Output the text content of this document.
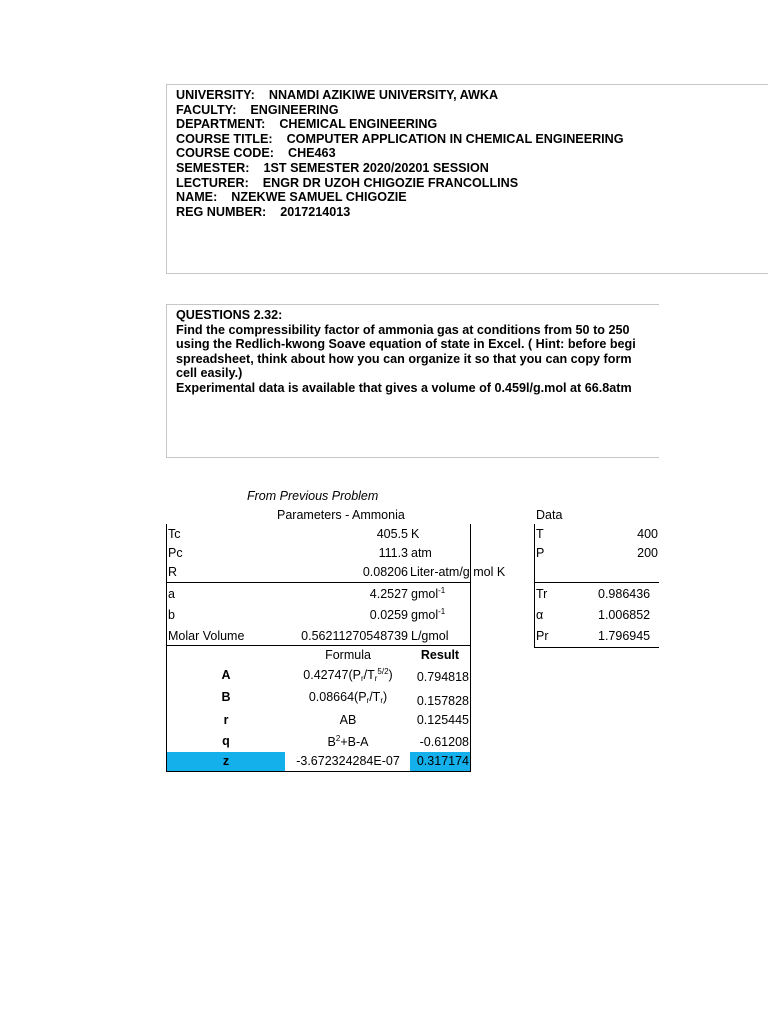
UNIVERSITY: NNAMDI AZIKIWE UNIVERSITY, AWKA
FACULTY: ENGINEERING
DEPARTMENT: CHEMICAL ENGINEERING
COURSE TITLE: COMPUTER APPLICATION IN CHEMICAL ENGINEERING
COURSE CODE: CHE463
SEMESTER: 1ST SEMESTER 2020/20201 SESSION
LECTURER: ENGR DR UZOH CHIGOZIE FRANCOLLINS
NAME: NZEKWE SAMUEL CHIGOZIE
REG NUMBER: 2017214013
QUESTIONS 2.32:
Find the compressibility factor of ammonia gas at conditions from 50 to 250
using the Redlich-kwong Soave equation of state in Excel. ( Hint: before begi
spreadsheet, think about how you can organize it so that you can copy form
cell easily.)
Experimental data is available that gives a volume of 0.459l/g.mol at 66.8atm
From Previous Problem
Parameters - Ammonia
Tc	405.5 K
Pc	111.3 atm
R	0.08206 Liter-atm/g mol K
a	4.2527 gmol$^{-1}$
b	0.0259 gmol$^{-1}$
Molar Volume	0.56211270548739 L/gmol
Formula	Result
A	$0.42747(P_r/T_r^{5/2})$	0.794818
B	$0.08664(P_r/T_r)$	0.157828
r	AB	0.125445
q	$B^2+B-A$	-0.61208
z	-3.672324284E-07	0.317174
Data
T	400
P	200
Tr	0.986436
α	1.006852
Pr	1.796945
